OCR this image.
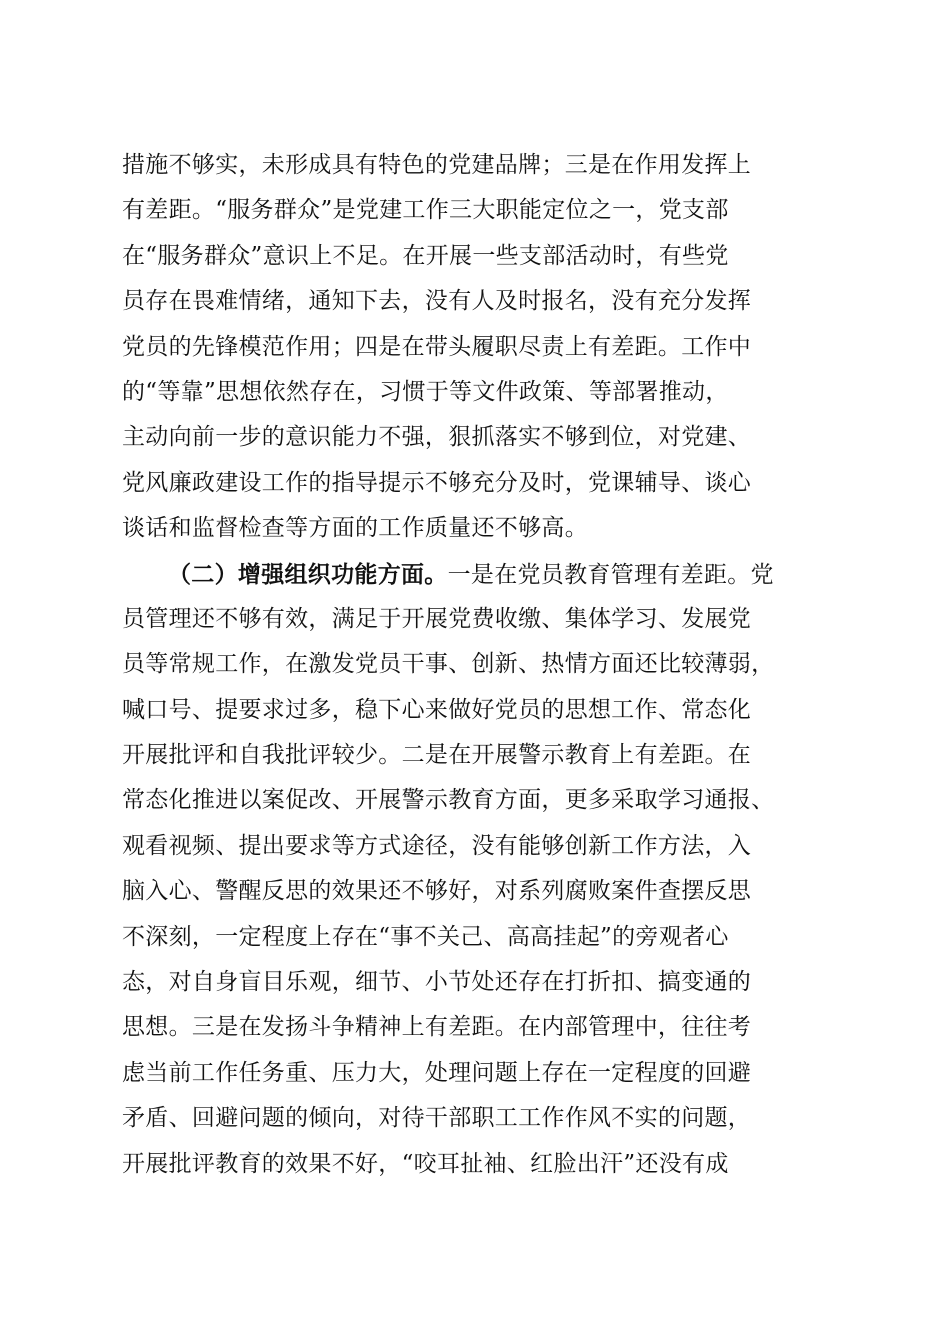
措施不够实，未形成具有特色的党建品牌；三是在作用发挥上
有差距。“服务群众”是党建工作三大职能定位之一，党支部
在“服务群众”意识上不足。在开展一些支部活动时，有些党
员存在畏难情绪，通知下去，没有人及时报名，没有充分发挥
党员的先锋模范作用；四是在带头履职尽责上有差距。工作中
的“等靠”思想依然存在，习惯于等文件政策、等部署推动，
主动向前一步的意识能力不强，狠抓落实不够到位，对党建、
党风廉政建设工作的指导提示不够充分及时，党课辅导、谈心
谈话和监督检查等方面的工作质量还不够高。
（二）增强组织功能方面。一是在党员教育管理有差距。党
员管理还不够有效，满足于开展党费收缴、集体学习、发展党
员等常规工作，在激发党员干事、创新、热情方面还比较薄弱，
喊口号、提要求过多，稳下心来做好党员的思想工作、常态化
开展批评和自我批评较少。二是在开展警示教育上有差距。在
常态化推进以案促改、开展警示教育方面，更多采取学习通报、
观看视频、提出要求等方式途径，没有能够创新工作方法，入
脑入心、警醒反思的效果还不够好，对系列腐败案件查摆反思
不深刻，一定程度上存在“事不关己、高高挂起”的旁观者心
态，对自身盲目乐观，细节、小节处还存在打折扣、搞变通的
思想。三是在发扬斗争精神上有差距。在内部管理中，往往考
虑当前工作任务重、压力大，处理问题上存在一定程度的回避
矛盾、回避问题的倾向，对待干部职工工作作风不实的问题，
开展批评教育的效果不好，“咬耳扯袖、红脸出汗”还没有成
